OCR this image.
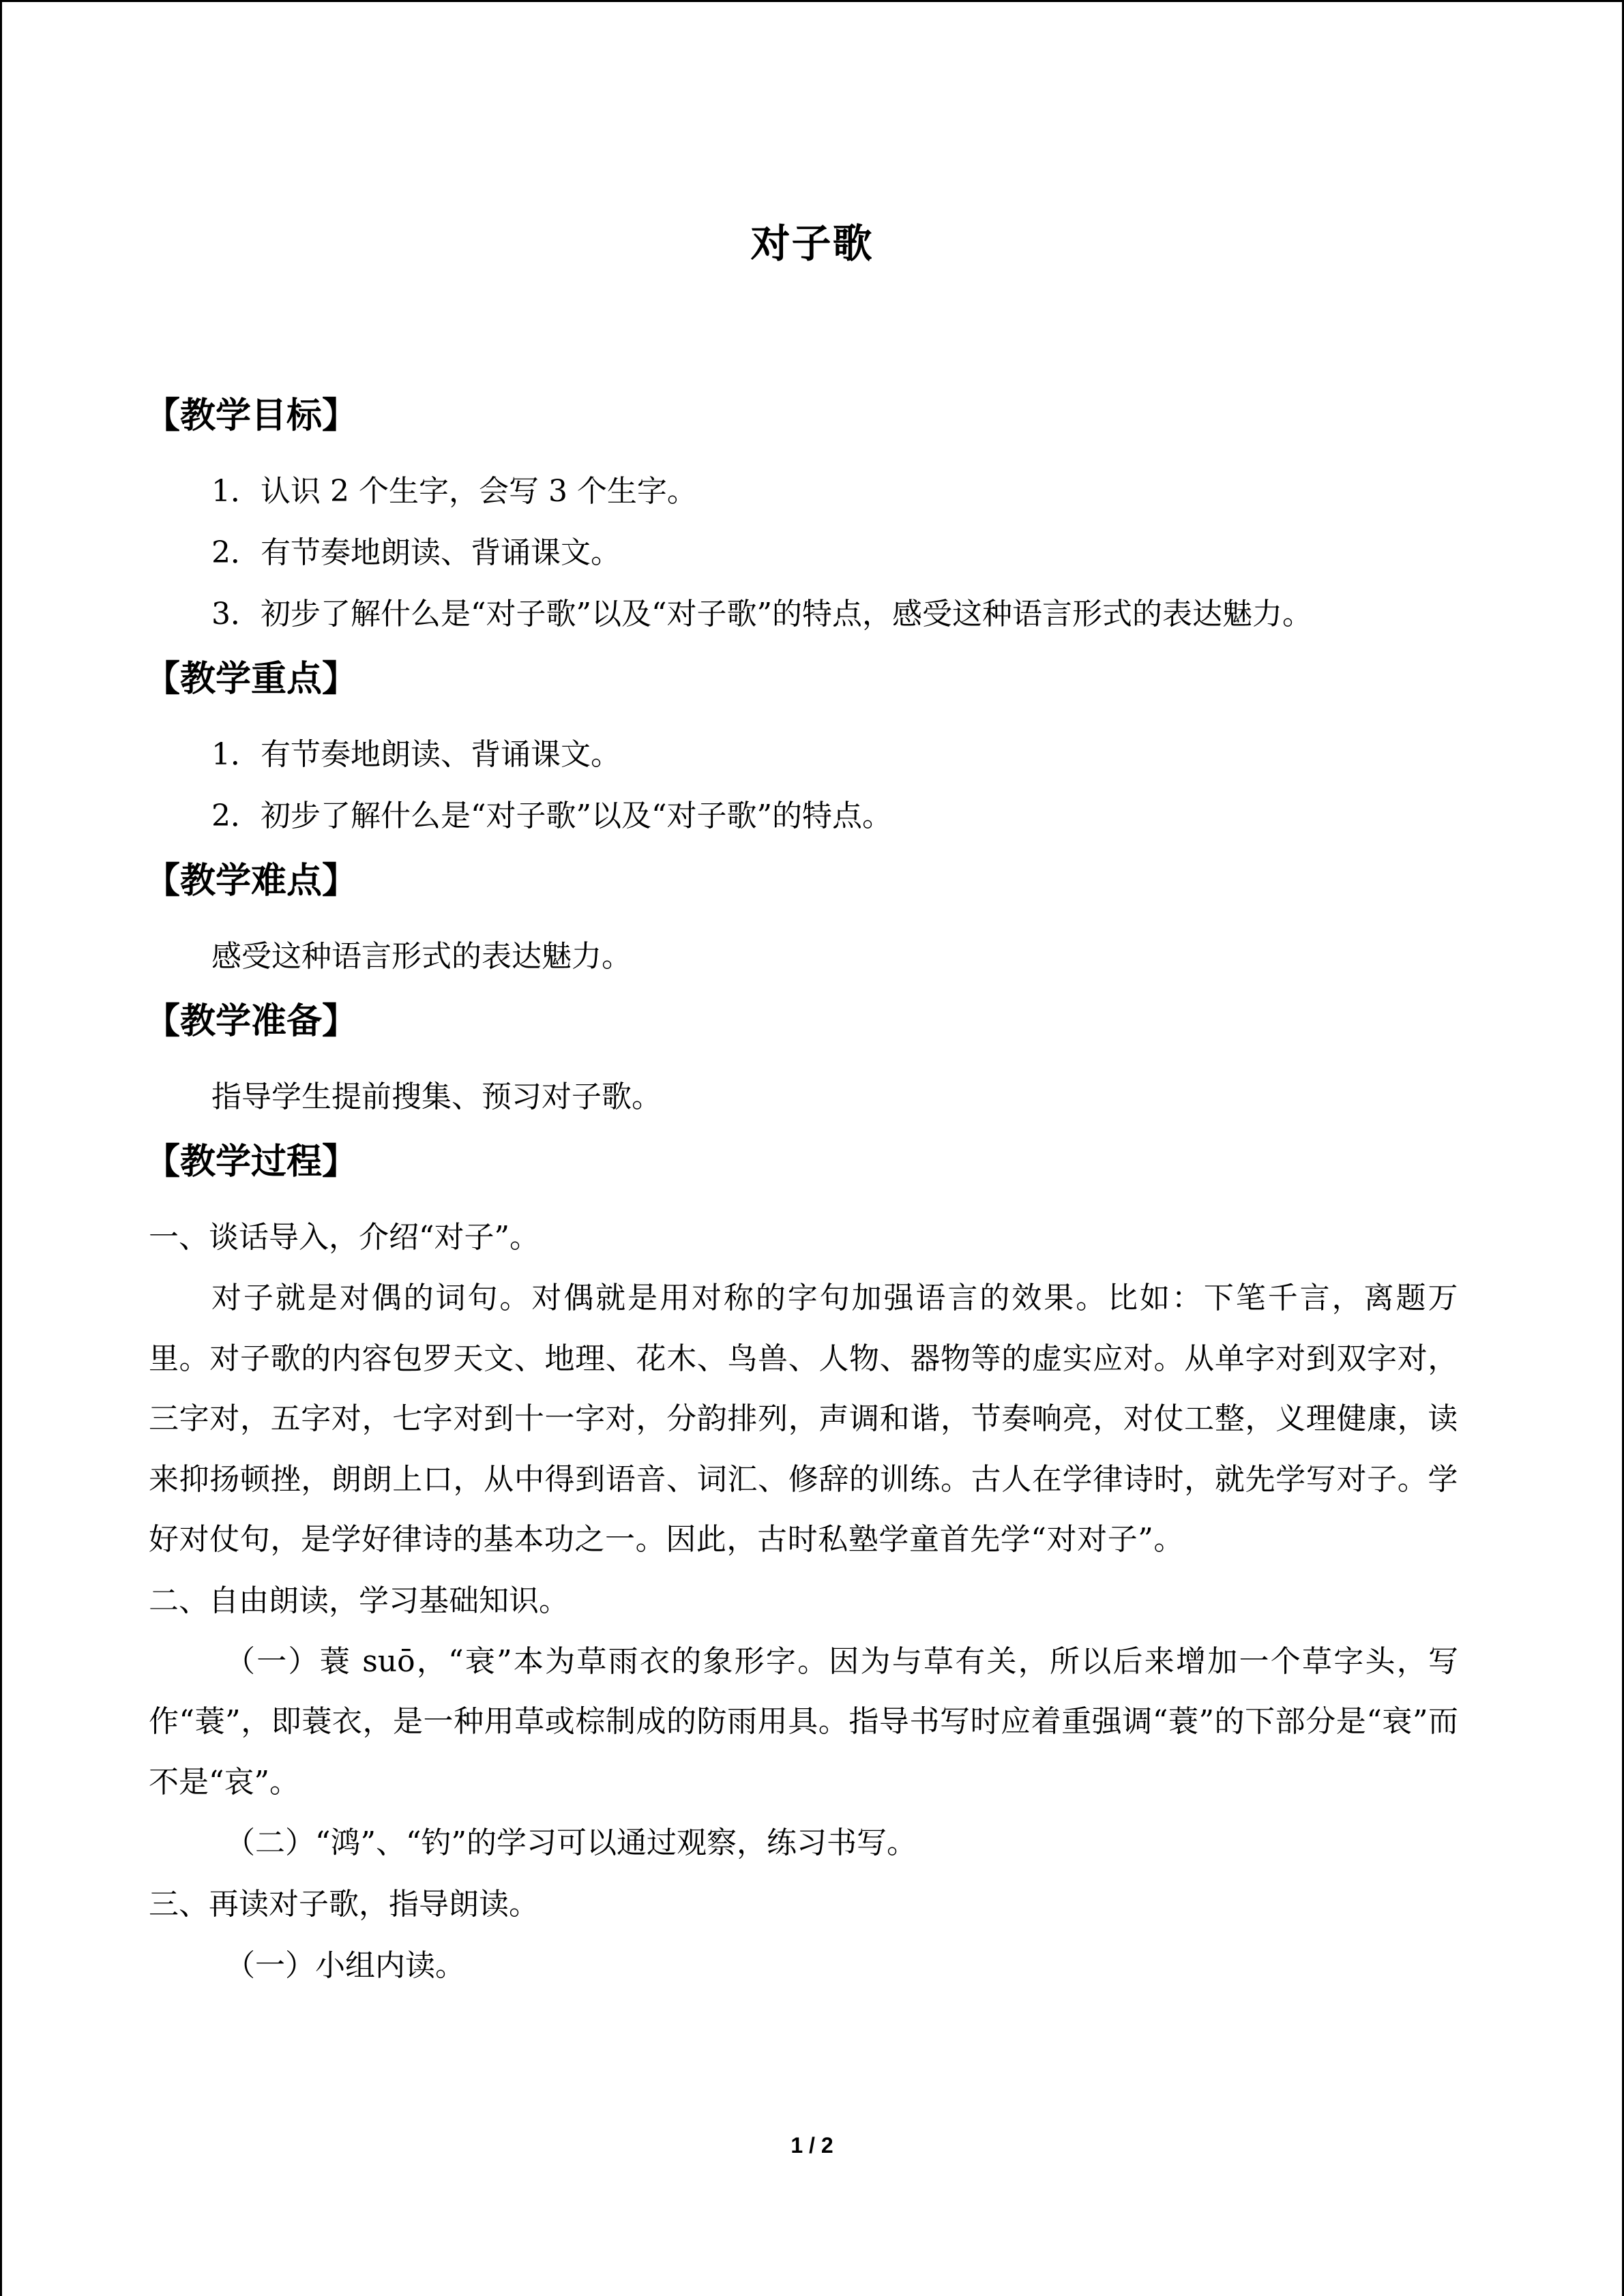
对子歌
【教学目标】
1．认识 2 个生字，会写 3 个生字。
2．有节奏地朗读、背诵课文。
3．初步了解什么是“对子歌”以及“对子歌”的特点，感受这种语言形式的表达魅力。
【教学重点】
1．有节奏地朗读、背诵课文。
2．初步了解什么是“对子歌”以及“对子歌”的特点。
【教学难点】
感受这种语言形式的表达魅力。
【教学准备】
指导学生提前搜集、预习对子歌。
【教学过程】
一、谈话导入，介绍“对子”。
对子就是对偶的词句。对偶就是用对称的字句加强语言的效果。比如：下笔千言，离题万里。对子歌的内容包罗天文、地理、花木、鸟兽、人物、器物等的虚实应对。从单字对到双字对，三字对，五字对，七字对到十一字对，分韵排列，声调和谐，节奏响亮，对仗工整，义理健康，读来抑扬顿挫，朗朗上口，从中得到语音、词汇、修辞的训练。古人在学律诗时，就先学写对子。学好对仗句，是学好律诗的基本功之一。因此，古时私塾学童首先学“对对子”。
二、自由朗读，学习基础知识。
（一）蓑 suō，“衰”本为草雨衣的象形字。因为与草有关，所以后来增加一个草字头，写作“蓑”，即蓑衣，是一种用草或棕制成的防雨用具。指导书写时应着重强调“蓑”的下部分是“衰”而不是“哀”。
（二）“鸿”、“钓”的学习可以通过观察，练习书写。
三、再读对子歌，指导朗读。
（一）小组内读。
1 / 2
